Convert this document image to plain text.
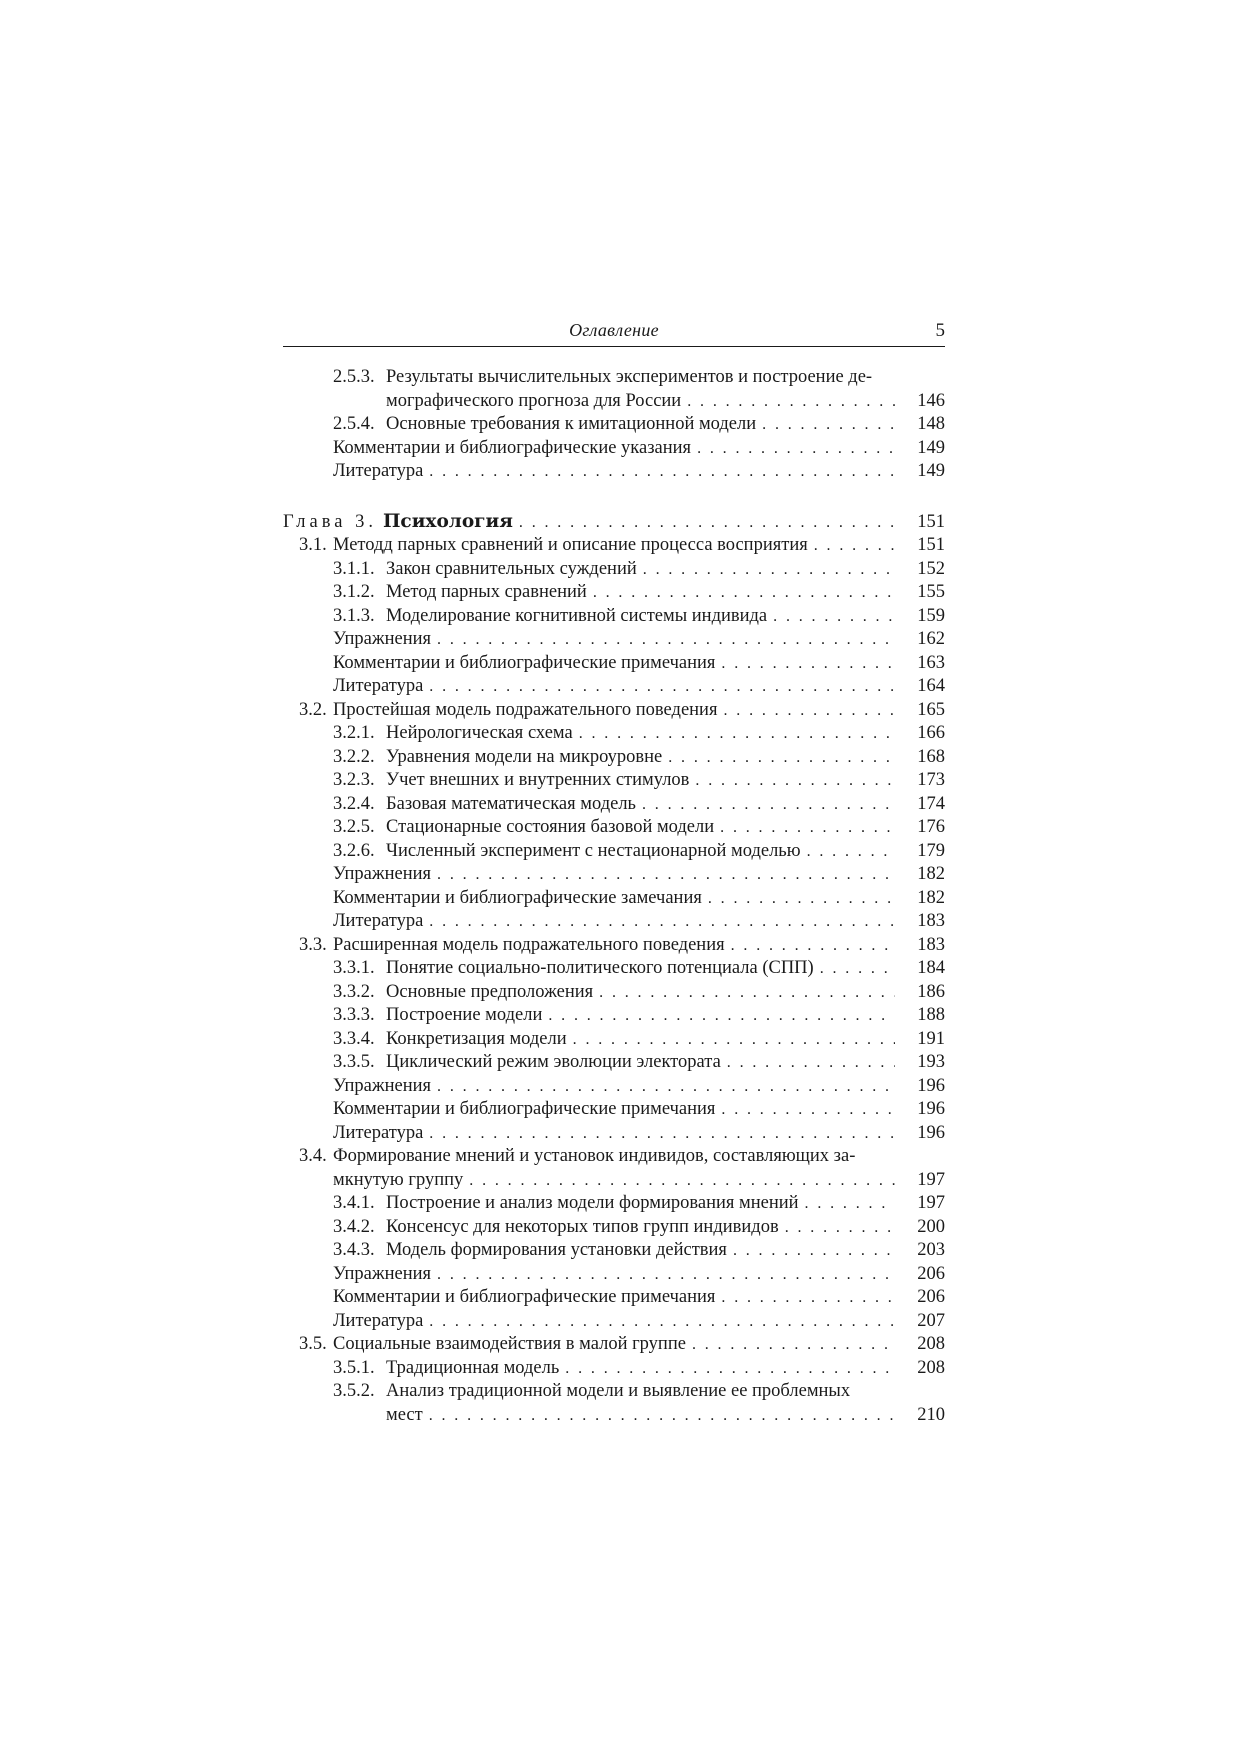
Оглавление	5
2.5.3. Результаты вычислительных экспериментов и построение де-
мографического прогноза для России . . .	146
2.5.4. Основные требования к имитационной модели . . .	148
Комментарии и библиографические указания . . .	149
Литература . . .	149
Глава 3. Психология . . .	151
3.1. Методд парных сравнений и описание процесса восприятия . . .	151
3.1.1. Закон сравнительных суждений . . .	152
3.1.2. Метод парных сравнений . . .	155
3.1.3. Моделирование когнитивной системы индивида . . .	159
Упражнения . . .	162
Комментарии и библиографические примечания . . .	163
Литература . . .	164
3.2. Простейшая модель подражательного поведения . . .	165
3.2.1. Нейрологическая схема . . .	166
3.2.2. Уравнения модели на микроуровне . . .	168
3.2.3. Учет внешних и внутренних стимулов . . .	173
3.2.4. Базовая математическая модель . . .	174
3.2.5. Стационарные состояния базовой модели . . .	176
3.2.6. Численный эксперимент с нестационарной моделью . . .	179
Упражнения . . .	182
Комментарии и библиографические замечания . . .	182
Литература . . .	183
3.3. Расширенная модель подражательного поведения . . .	183
3.3.1. Понятие социально-политического потенциала (СПП) . . .	184
3.3.2. Основные предположения . . .	186
3.3.3. Построение модели . . .	188
3.3.4. Конкретизация модели . . .	191
3.3.5. Циклический режим эволюции электората . . .	193
Упражнения . . .	196
Комментарии и библиографические примечания . . .	196
Литература . . .	196
3.4. Формирование мнений и установок индивидов, составляющих за-
мкнутую группу . . .	197
3.4.1. Построение и анализ модели формирования мнений . . .	197
3.4.2. Консенсус для некоторых типов групп индивидов . . .	200
3.4.3. Модель формирования установки действия . . .	203
Упражнения . . .	206
Комментарии и библиографические примечания . . .	206
Литература . . .	207
3.5. Социальные взаимодействия в малой группе . . .	208
3.5.1. Традиционная модель . . .	208
3.5.2. Анализ традиционной модели и выявление ее проблемных
мест . . .	210
